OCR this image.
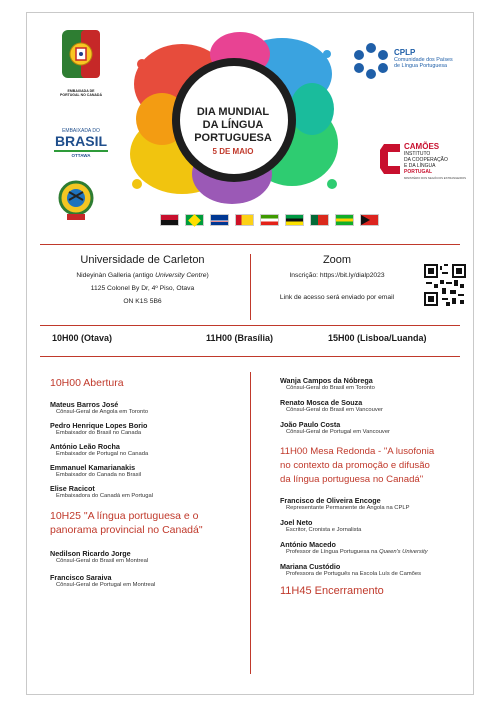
EMBAIXADA DE PORTUGAL NO CANADÁ
EMBAIXADA DO
BRASIL
OTTAWA
DIA MUNDIAL
DA LÍNGUA
PORTUGUESA
5 DE MAIO
CPLP
Comunidade dos Países
de Língua Portuguesa
CAMÕES
INSTITUTO
DA COOPERAÇÃO
E DA LÍNGUA
PORTUGAL
MINISTÉRIO DOS NEGÓCIOS ESTRANGEIROS
Universidade de Carleton
Nideyinàn Galleria (antigo University Centre)
1125 Colonel By Dr, 4º Piso, Otava
ON K1S 5B6
Zoom
Inscrição: https://bit.ly/dialp2023
Link de acesso será enviado por email
10H00 (Otava)	11H00 (Brasília)	15H00 (Lisboa/Luanda)
10H00 Abertura
Mateus Barros José
Cônsul-Geral de Angola em Toronto
Pedro Henrique Lopes Borio
Embaixador do Brasil no Canada
António Leão Rocha
Embaixador de Portugal no Canada
Emmanuel Kamarianakis
Embaixador do Canada no Brasil
Elise Racicot
Embaixadora do Canadá em Portugal
10H25 "A língua portuguesa e o
panorama provincial no Canadá"
Nedilson Ricardo Jorge
Cônsul-Geral do Brasil em Montreal
Francisco Saraiva
Cônsul-Geral de Portugal em Montreal
Wanja Campos da Nóbrega
Cônsul-Geral do Brasil em Toronto
Renato Mosca de Souza
Cônsul-Geral do Brasil em Vancouver
João Paulo Costa
Cônsul-Geral de Portugal em Vancouver
11H00 Mesa Redonda - "A lusofonia
no contexto da promoção e difusão
da língua portuguesa no Canadá"
Francisco de Oliveira Encoge
Representante Permanente de Angola na CPLP
Joel Neto
Escritor, Cronista e Jornalista
António Macedo
Professor de Língua Portuguesa na Queen's University
Mariana Custódio
Professora de Português na Escola Luís de Camões
11H45 Encerramento
